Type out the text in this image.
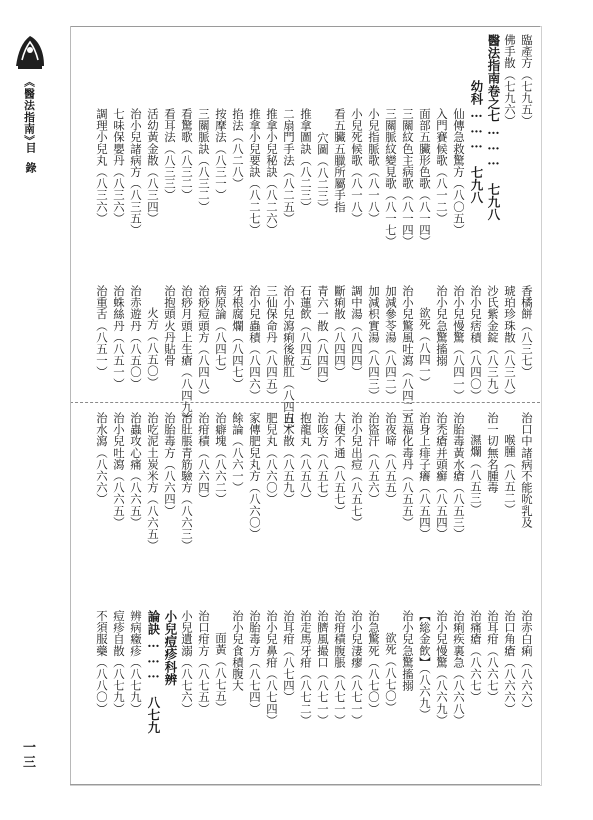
《醫法指南》
目錄
一三
臨產方（七九五）
佛手散（七九六）
醫法指南卷之七……… 七九八
幼科……… 七九八
仙傳急救驚方（八〇五）
入門賽候歌（八一二）
面部五臟形色歌（八一四）
三關紋色主病歌（八一四）
三關脈紋變見歌（八一七）
小兒指脈歌（八一八）
小兒死候歌（八一八）
看五臟五臘所屬手指
穴圖（八二三）
推拿圖訣（八二三）
二扇門手法（八二五）
推拿小兒秘訣（八二六）
推拿小兒要訣（八二七）
掐法（八二八）
按摩法（八三一）
三關脈訣（八三二）
看驚歌（八三二）
看耳法（八三三）
活幼黃金散（八三四）
治小兒諸病方（八三五）
七味保嬰丹（八三六）
調理小兒丸（八三六）
香橘餅（八三七）
琥珀珍珠散（八三八）
沙氏紫金錠（八三九）
治小兒痞積（八四〇）
治小兒慢驚（八四一）
治小兒急驚搐搦
欲死（八四一）
治小兒驚風吐瀉（八四二）
加減參苓湯（八四二）
加減枳實湯（八四三）
調中湯（八四四）
斷痢散（八四四）
青六一散（八四四）
石蓮飲（八四五）
治小兒瀉痢後脫肛（八四五）
三仙保命丹（八四五）
治小兒蟲積（八四六）
牙根腐爛（八四七）
病原論（八四七）
治痧痘頭方（八四八）
治痧月頭上生瘡（八四九）
治抱頭火丹貼骨
火方（八五〇）
治赤遊丹（八五〇）
治蛛絲丹（八五一）
治重舌（八五一）
治口中諸病不能吮乳及
喉腫（八五二）
治一切無名腫毒
濕爛（八五三）
治胎毒黃水瘡（八五三）
治禿瘡并頭癬（八五四）
治身上痱子癢（八五四）
五福化毒丹（八五五）
治夜啼（八五五）
治盜汗（八五六）
治小兒出痘（八五七）
大便不通（八五七）
治咳方（八五七）
抱龍丸（八五八）
白术散（八五九）
肥兒丸（八六〇）
家傳肥兒丸方（八六〇）
餘論（八六一）
治癖塊（八六二）
治疳積（八六四）
治肚脹青筋驗方（八六三）
治胎毒方（八六四）
治吃泥土炭米方（八六五）
治蟲攻心痛（八六五）
治小兒吐瀉（八六五）
治水瀉（八六六）
治赤白痢（八六六）
治口角瘡（八六六）
治耳疳（八六七）
治痛瘡（八六七）
治痢疾裏急（八六八）
治小兒慢驚（八六九）
【総金飲】（八六九）
治小兒急驚搐搦
欲死（八七〇）
治急驚死（八七〇）
治小兒淒瘳（八七一）
治疳積腹脹（八七一）
治臍風撮口（八七一）
治走馬牙疳（八七二）
治耳疳（八七四）
治小兒鼻疳（八七四）
治胎毒方（八七四）
治小兒食積腹大
面黃（八七五）
治口疳方（八七五）
小兒遺溺（八七六）
小兒痘疹科辨
論訣……… 八七九
辨病癥疹（八七九）
痘疹自散（八七九）
不須服藥（八八〇）
